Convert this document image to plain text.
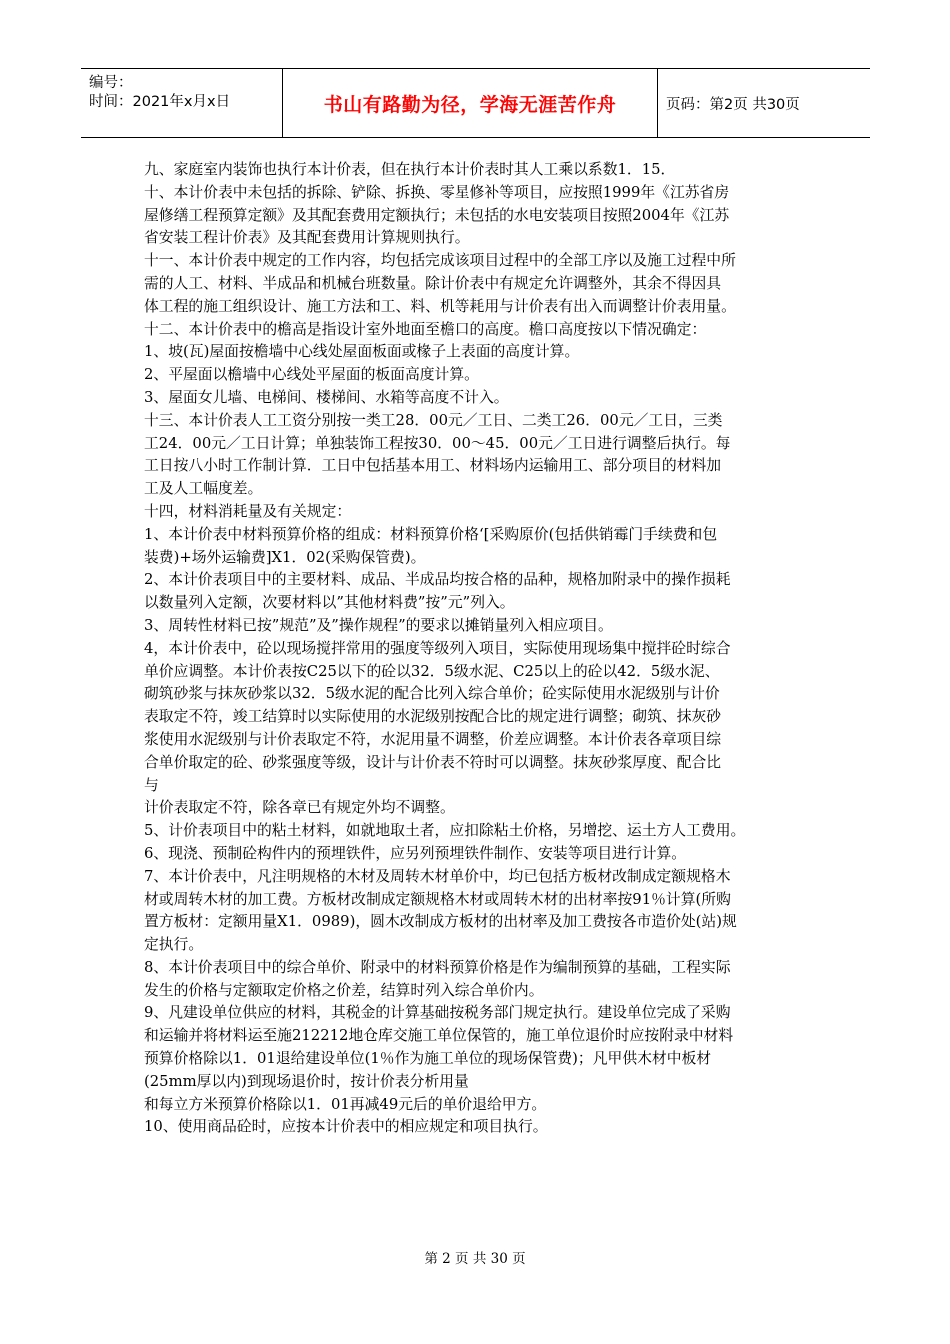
编号：
时间：2021年x月x日	书山有路勤为径，学海无涯苦作舟	页码：第2页 共30页

九、家庭室内装饰也执行本计价表，但在执行本计价表时其人工乘以系数1．15．

十、本计价表中未包括的拆除、铲除、拆换、零星修补等项目，应按照1999年《江苏省房

屋修缮工程预算定额》及其配套费用定额执行；未包括的水电安装项目按照2004年《江苏

省安装工程计价表》及其配套费用计算规则执行。

十一、本计价表中规定的工作内容，均包括完成该项目过程中的全部工序以及施工过程中所

需的人工、材料、半成品和机械台班数量。除计价表中有规定允许调整外，其余不得因具

体工程的施工组织设计、施工方法和工、料、机等耗用与计价表有出入而调整计价表用量。

十二、本计价表中的檐高是指设计室外地面至檐口的高度。檐口高度按以下情况确定：

1、坡(瓦)屋面按檐墙中心线处屋面板面或椽子上表面的高度计算。

2、平屋面以檐墙中心线处平屋面的板面高度计算。

3、屋面女儿墙、电梯间、楼梯间、水箱等高度不计入。

十三、本计价表人工工资分别按一类工28．00元／工日、二类工26．00元／工日，三类

工24．00元／工日计算；单独装饰工程按30．00～45．00元／工日进行调整后执行。每

工日按八小时工作制计算．工日中包括基本用工、材料场内运输用工、部分项目的材料加

工及人工幅度差。

十四，材料消耗量及有关规定：

1、本计价表中材料预算价格的组成：材料预算价格‘[采购原价(包括供销霉门手续费和包

装费)+场外运输费]X1．02(采购保管费)。

2、本计价表项目中的主要材料、成品、半成品均按合格的品种，规格加附录中的操作损耗

以数量列入定额，次要材料以”其他材料费”按”元”列入。

3、周转性材料已按”规范”及”操作规程”的要求以摊销量列入相应项目。

4，本计价表中，砼以现场搅拌常用的强度等级列入项目，实际使用现场集中搅拌砼时综合

单价应调整。本计价表按C25以下的砼以32．5级水泥、C25以上的砼以42．5级水泥、

砌筑砂浆与抹灰砂浆以32．5级水泥的配合比列入综合单价；砼实际使用水泥级别与计价

表取定不符，竣工结算时以实际使用的水泥级别按配合比的规定进行调整；砌筑、抹灰砂

浆使用水泥级别与计价表取定不符，水泥用量不调整，价差应调整。本计价表各章项目综

合单价取定的砼、砂浆强度等级，设计与计价表不符时可以调整。抹灰砂浆厚度、配合比

与

计价表取定不符，除各章已有规定外均不调整。

5、计价表项目中的粘土材料，如就地取土者，应扣除粘土价格，另增挖、运土方人工费用。

6、现浇、预制砼构件内的预埋铁件，应另列预埋铁件制作、安装等项目进行计算。

7、本计价表中，凡注明规格的木材及周转木材单价中，均已包括方板材改制成定额规格木

材或周转木材的加工费。方板材改制成定额规格木材或周转木材的出材率按91％计算(所购

置方板材：定额用量X1．0989)，圆木改制成方板材的出材率及加工费按各市造价处(站)规

定执行。

8、本计价表项目中的综合单价、附录中的材料预算价格是作为编制预算的基础，工程实际

发生的价格与定额取定价格之价差，结算时列入综合单价内。

9、凡建设单位供应的材料，其税金的计算基础按税务部门规定执行。建设单位完成了采购

和运输并将材料运至施212212地仓库交施工单位保管的，施工单位退价时应按附录中材料

预算价格除以1．01退给建设单位(1％作为施工单位的现场保管费)；凡甲供木材中板材

(25mm厚以内)到现场退价时，按计价表分析用量

和每立方米预算价格除以1．01再减49元后的单价退给甲方。

10、使用商品砼时，应按本计价表中的相应规定和项目执行。

第 2 页 共 30 页
